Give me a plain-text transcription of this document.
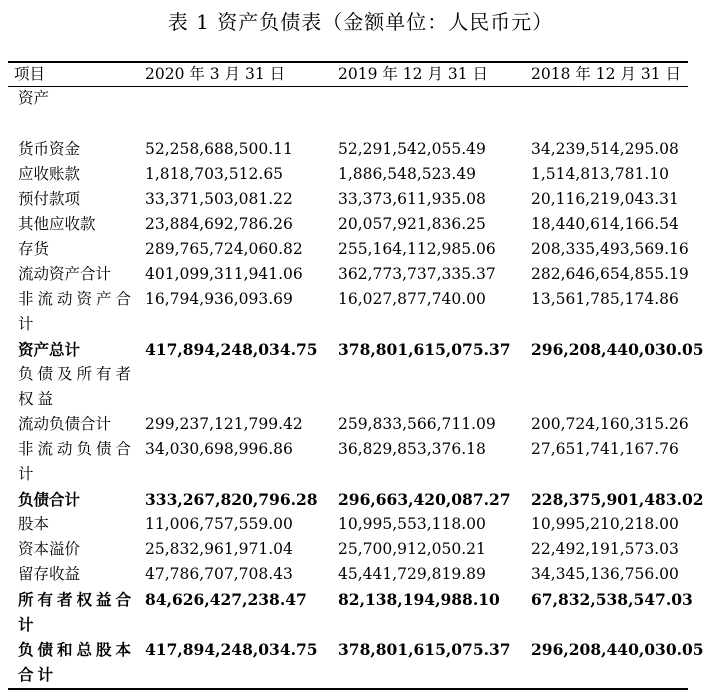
表 1 资产负债表（金额单位：人民币元）
项目	2020 年 3 月 31 日	2019 年 12 月 31 日	2018 年 12 月 31 日
资产			

货币资金	52,258,688,500.11	52,291,542,055.49	34,239,514,295.08
应收账款	1,818,703,512.65	1,886,548,523.49	1,514,813,781.10
预付款项	33,371,503,081.22	33,373,611,935.08	20,116,219,043.31
其他应收款	23,884,692,786.26	20,057,921,836.25	18,440,614,166.54
存货	289,765,724,060.82	255,164,112,985.06	208,335,493,569.16
流动资产合计	401,099,311,941.06	362,773,737,335.37	282,646,654,855.19
非流动资产合计	16,794,936,093.69	16,027,877,740.00	13,561,785,174.86
资产总计	417,894,248,034.75	378,801,615,075.37	296,208,440,030.05
负债及所有者权益			
流动负债合计	299,237,121,799.42	259,833,566,711.09	200,724,160,315.26
非流动负债合计	34,030,698,996.86	36,829,853,376.18	27,651,741,167.76
负债合计	333,267,820,796.28	296,663,420,087.27	228,375,901,483.02
股本	11,006,757,559.00	10,995,553,118.00	10,995,210,218.00
资本溢价	25,832,961,971.04	25,700,912,050.21	22,492,191,573.03
留存收益	47,786,707,708.43	45,441,729,819.89	34,345,136,756.00
所有者权益合计	84,626,427,238.47	82,138,194,988.10	67,832,538,547.03
负债和总股本合计	417,894,248,034.75	378,801,615,075.37	296,208,440,030.05
